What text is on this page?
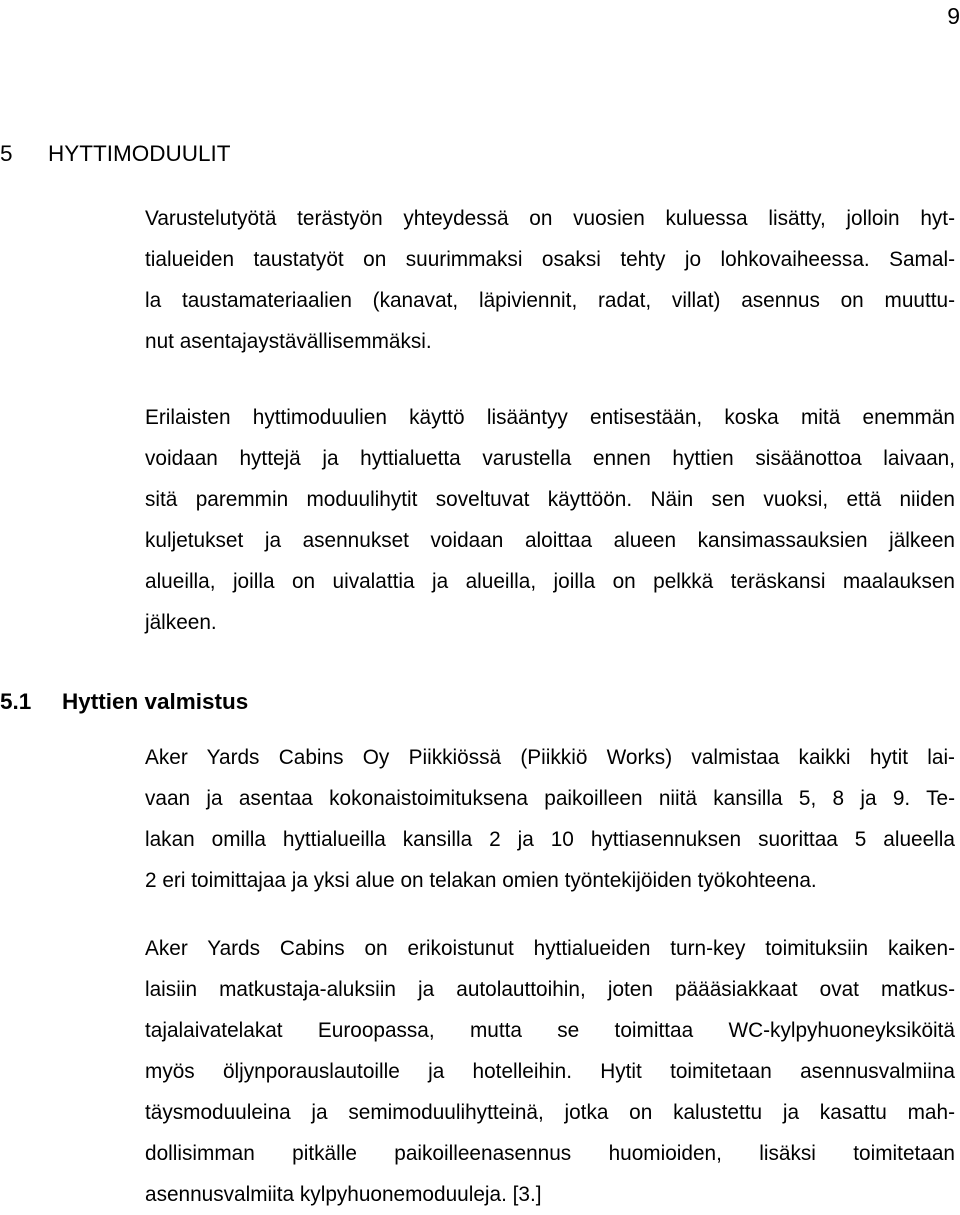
9
5 HYTTIMODUULIT
Varustelutyötä terästyön yhteydessä on vuosien kuluessa lisätty, jolloin hyt-
tialueiden taustatyöt on suurimmaksi osaksi tehty jo lohkovaiheessa. Samal-
la taustamateriaalien (kanavat, läpiviennit, radat, villat) asennus on muuttu-
nut asentajaystävällisemmäksi.
Erilaisten hyttimoduulien käyttö lisääntyy entisestään, koska mitä enemmän
voidaan hyttejä ja hyttialuetta varustella ennen hyttien sisäänottoa laivaan,
sitä paremmin moduulihytit soveltuvat käyttöön. Näin sen vuoksi, että niiden
kuljetukset ja asennukset voidaan aloittaa alueen kansimassauksien jälkeen
alueilla, joilla on uivalattia ja alueilla, joilla on pelkkä teräskansi maalauksen
jälkeen.
5.1 Hyttien valmistus
Aker Yards Cabins Oy Piikkiössä (Piikkiö Works) valmistaa kaikki hytit lai-
vaan ja asentaa kokonaistoimituksena paikoilleen niitä kansilla 5, 8 ja 9. Te-
lakan omilla hyttialueilla kansilla 2 ja 10 hyttiasennuksen suorittaa 5 alueella
2 eri toimittajaa ja yksi alue on telakan omien työntekijöiden työkohteena.
Aker Yards Cabins on erikoistunut hyttialueiden turn-key toimituksiin kaiken-
laisiin matkustaja-aluksiin ja autolauttoihin, joten päääsiakkaat ovat matkus-
tajalaivatelakat Euroopassa, mutta se toimittaa WC-kylpyhuoneyksiköitä
myös öljynporauslautoille ja hotelleihin. Hytit toimitetaan asennusvalmiina
täysmoduuleina ja semimoduulihytteinä, jotka on kalustettu ja kasattu mah-
dollisimman pitkälle paikoilleenasennus huomioiden, lisäksi toimitetaan
asennusvalmiita kylpyhuonemoduuleja. [3.]
